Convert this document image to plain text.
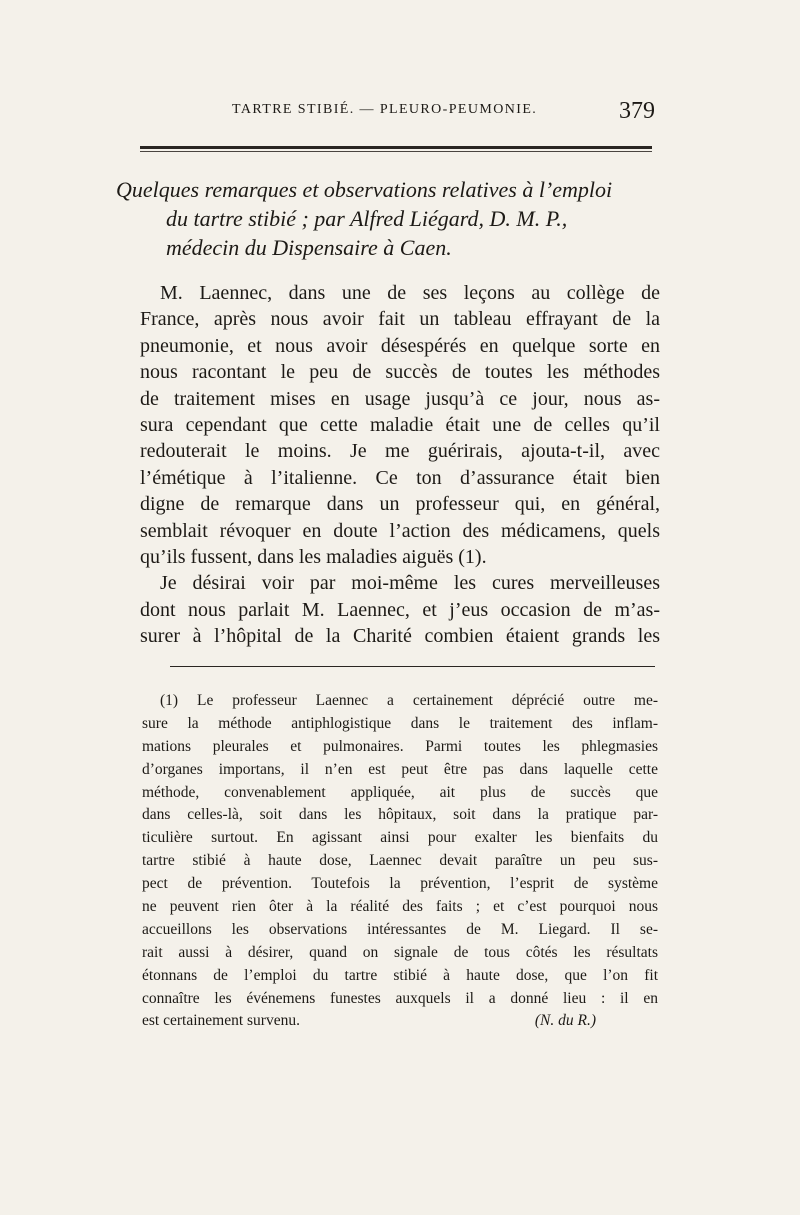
TARTRE STIBIÉ. — PLEURO-PEUMONIE.	379
Quelques remarques et observations relatives à l’emploi
du tartre stibié ; par Alfred Liégard, D. M. P.,
médecin du Dispensaire à Caen.
M. Laennec, dans une de ses leçons au collège de
France, après nous avoir fait un tableau effrayant de la
pneumonie, et nous avoir désespérés en quelque sorte en
nous racontant le peu de succès de toutes les méthodes
de traitement mises en usage jusqu’à ce jour, nous as-
sura cependant que cette maladie était une de celles qu’il
redouterait le moins. Je me guérirais, ajouta-t-il, avec
l’émétique à l’italienne. Ce ton d’assurance était bien
digne de remarque dans un professeur qui, en général,
semblait révoquer en doute l’action des médicamens, quels
qu’ils fussent, dans les maladies aiguës (1).
Je désirai voir par moi-même les cures merveilleuses
dont nous parlait M. Laennec, et j’eus occasion de m’as-
surer à l’hôpital de la Charité combien étaient grands les
(1) Le professeur Laennec a certainement déprécié outre me-
sure la méthode antiphlogistique dans le traitement des inflam-
mations pleurales et pulmonaires. Parmi toutes les phlegmasies
d’organes importans, il n’en est peut être pas dans laquelle cette
méthode, convenablement appliquée, ait plus de succès que
dans celles-là, soit dans les hôpitaux, soit dans la pratique par-
ticulière surtout. En agissant ainsi pour exalter les bienfaits du
tartre stibié à haute dose, Laennec devait paraître un peu sus-
pect de prévention. Toutefois la prévention, l’esprit de système
ne peuvent rien ôter à la réalité des faits ; et c’est pourquoi nous
accueillons les observations intéressantes de M. Liegard. Il se-
rait aussi à désirer, quand on signale de tous côtés les résultats
étonnans de l’emploi du tartre stibié à haute dose, que l’on fit
connaître les événemens funestes auxquels il a donné lieu : il en
est certainement survenu.	(N. du R.)
